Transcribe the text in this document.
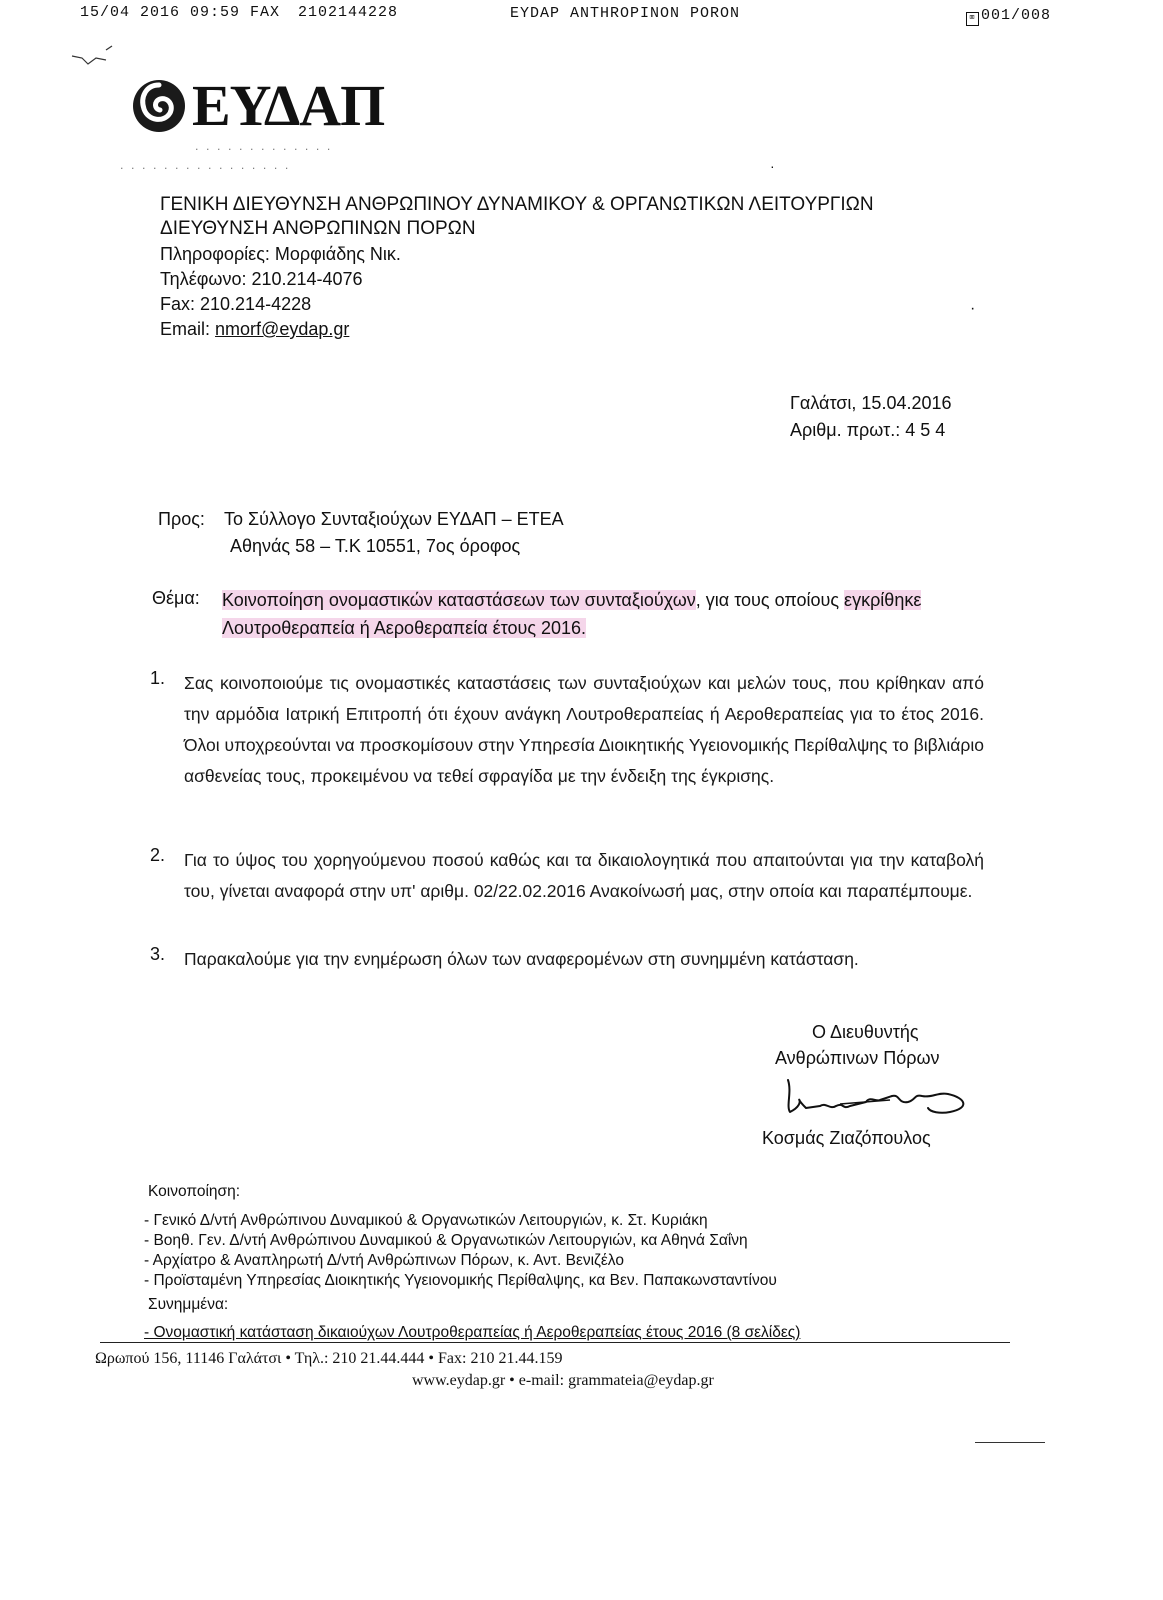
15/04 2016 09:59 FAX 2102144228	EYDAP ANTHROPINON PORON	⌧ 001/008
ΕΥΔΑΠ
· · · · · · · · · · · · ·
· · · · · · · · · · · · · · · ·	·
ΓΕΝΙΚΗ ΔΙΕΥΘΥΝΣΗ ΑΝΘΡΩΠΙΝΟΥ ΔΥΝΑΜΙΚΟΥ & ΟΡΓΑΝΩΤΙΚΩΝ ΛΕΙΤΟΥΡΓΙΩΝ
ΔΙΕΥΘΥΝΣΗ ΑΝΘΡΩΠΙΝΩΝ ΠΟΡΩΝ
Πληροφορίες: Μορφιάδης Νικ.
Τηλέφωνο: 210.214-4076
Fax: 210.214-4228
Email: nmorf@eydap.gr
·
Γαλάτσι, 15.04.2016
Αριθμ. πρωτ.: 4 5 4
Προς: Το Σύλλογο Συνταξιούχων ΕΥΔΑΠ – ΕΤΕΑ
Αθηνάς 58 – Τ.Κ 10551, 7ος όροφος
Θέμα: Κοινοποίηση ονομαστικών καταστάσεων των συνταξιούχων, για τους οποίους εγκρίθηκε
Λουτροθεραπεία ή Αεροθεραπεία έτους 2016.
1. Σας κοινοποιούμε τις ονομαστικές καταστάσεις των συνταξιούχων και μελών τους, που κρίθηκαν από την αρμόδια Ιατρική Επιτροπή ότι έχουν ανάγκη Λουτροθεραπείας ή Αεροθεραπείας για το έτος 2016. Όλοι υποχρεούνται να προσκομίσουν στην Υπηρεσία Διοικητικής Υγειονομικής Περίθαλψης το βιβλιάριο ασθενείας τους, προκειμένου να τεθεί σφραγίδα με την ένδειξη της έγκρισης.
2. Για το ύψος του χορηγούμενου ποσού καθώς και τα δικαιολογητικά που απαιτούνται για την καταβολή του, γίνεται αναφορά στην υπ' αριθμ. 02/22.02.2016 Ανακοίνωσή μας, στην οποία και παραπέμπουμε.
3. Παρακαλούμε για την ενημέρωση όλων των αναφερομένων στη συνημμένη κατάσταση.
Ο Διευθυντής
Ανθρώπινων Πόρων
Κοσμάς Ζιαζόπουλος
Κοινοποίηση:
- Γενικό Δ/ντή Ανθρώπινου Δυναμικού & Οργανωτικών Λειτουργιών, κ. Στ. Κυριάκη
- Βοηθ. Γεν. Δ/ντή Ανθρώπινου Δυναμικού & Οργανωτικών Λειτουργιών, κα Αθηνά Σαΐνη
- Αρχίατρο & Αναπληρωτή Δ/ντή Ανθρώπινων Πόρων, κ. Αντ. Βενιζέλο
- Προϊσταμένη Υπηρεσίας Διοικητικής Υγειονομικής Περίθαλψης, κα Βεν. Παπακωνσταντίνου
Συνημμένα:
- Ονομαστική κατάσταση δικαιούχων Λουτροθεραπείας ή Αεροθεραπείας έτους 2016 (8 σελίδες)
Ωρωπού 156, 11146 Γαλάτσι • Τηλ.: 210 21.44.444 • Fax: 210 21.44.159
www.eydap.gr • e-mail: grammateia@eydap.gr
